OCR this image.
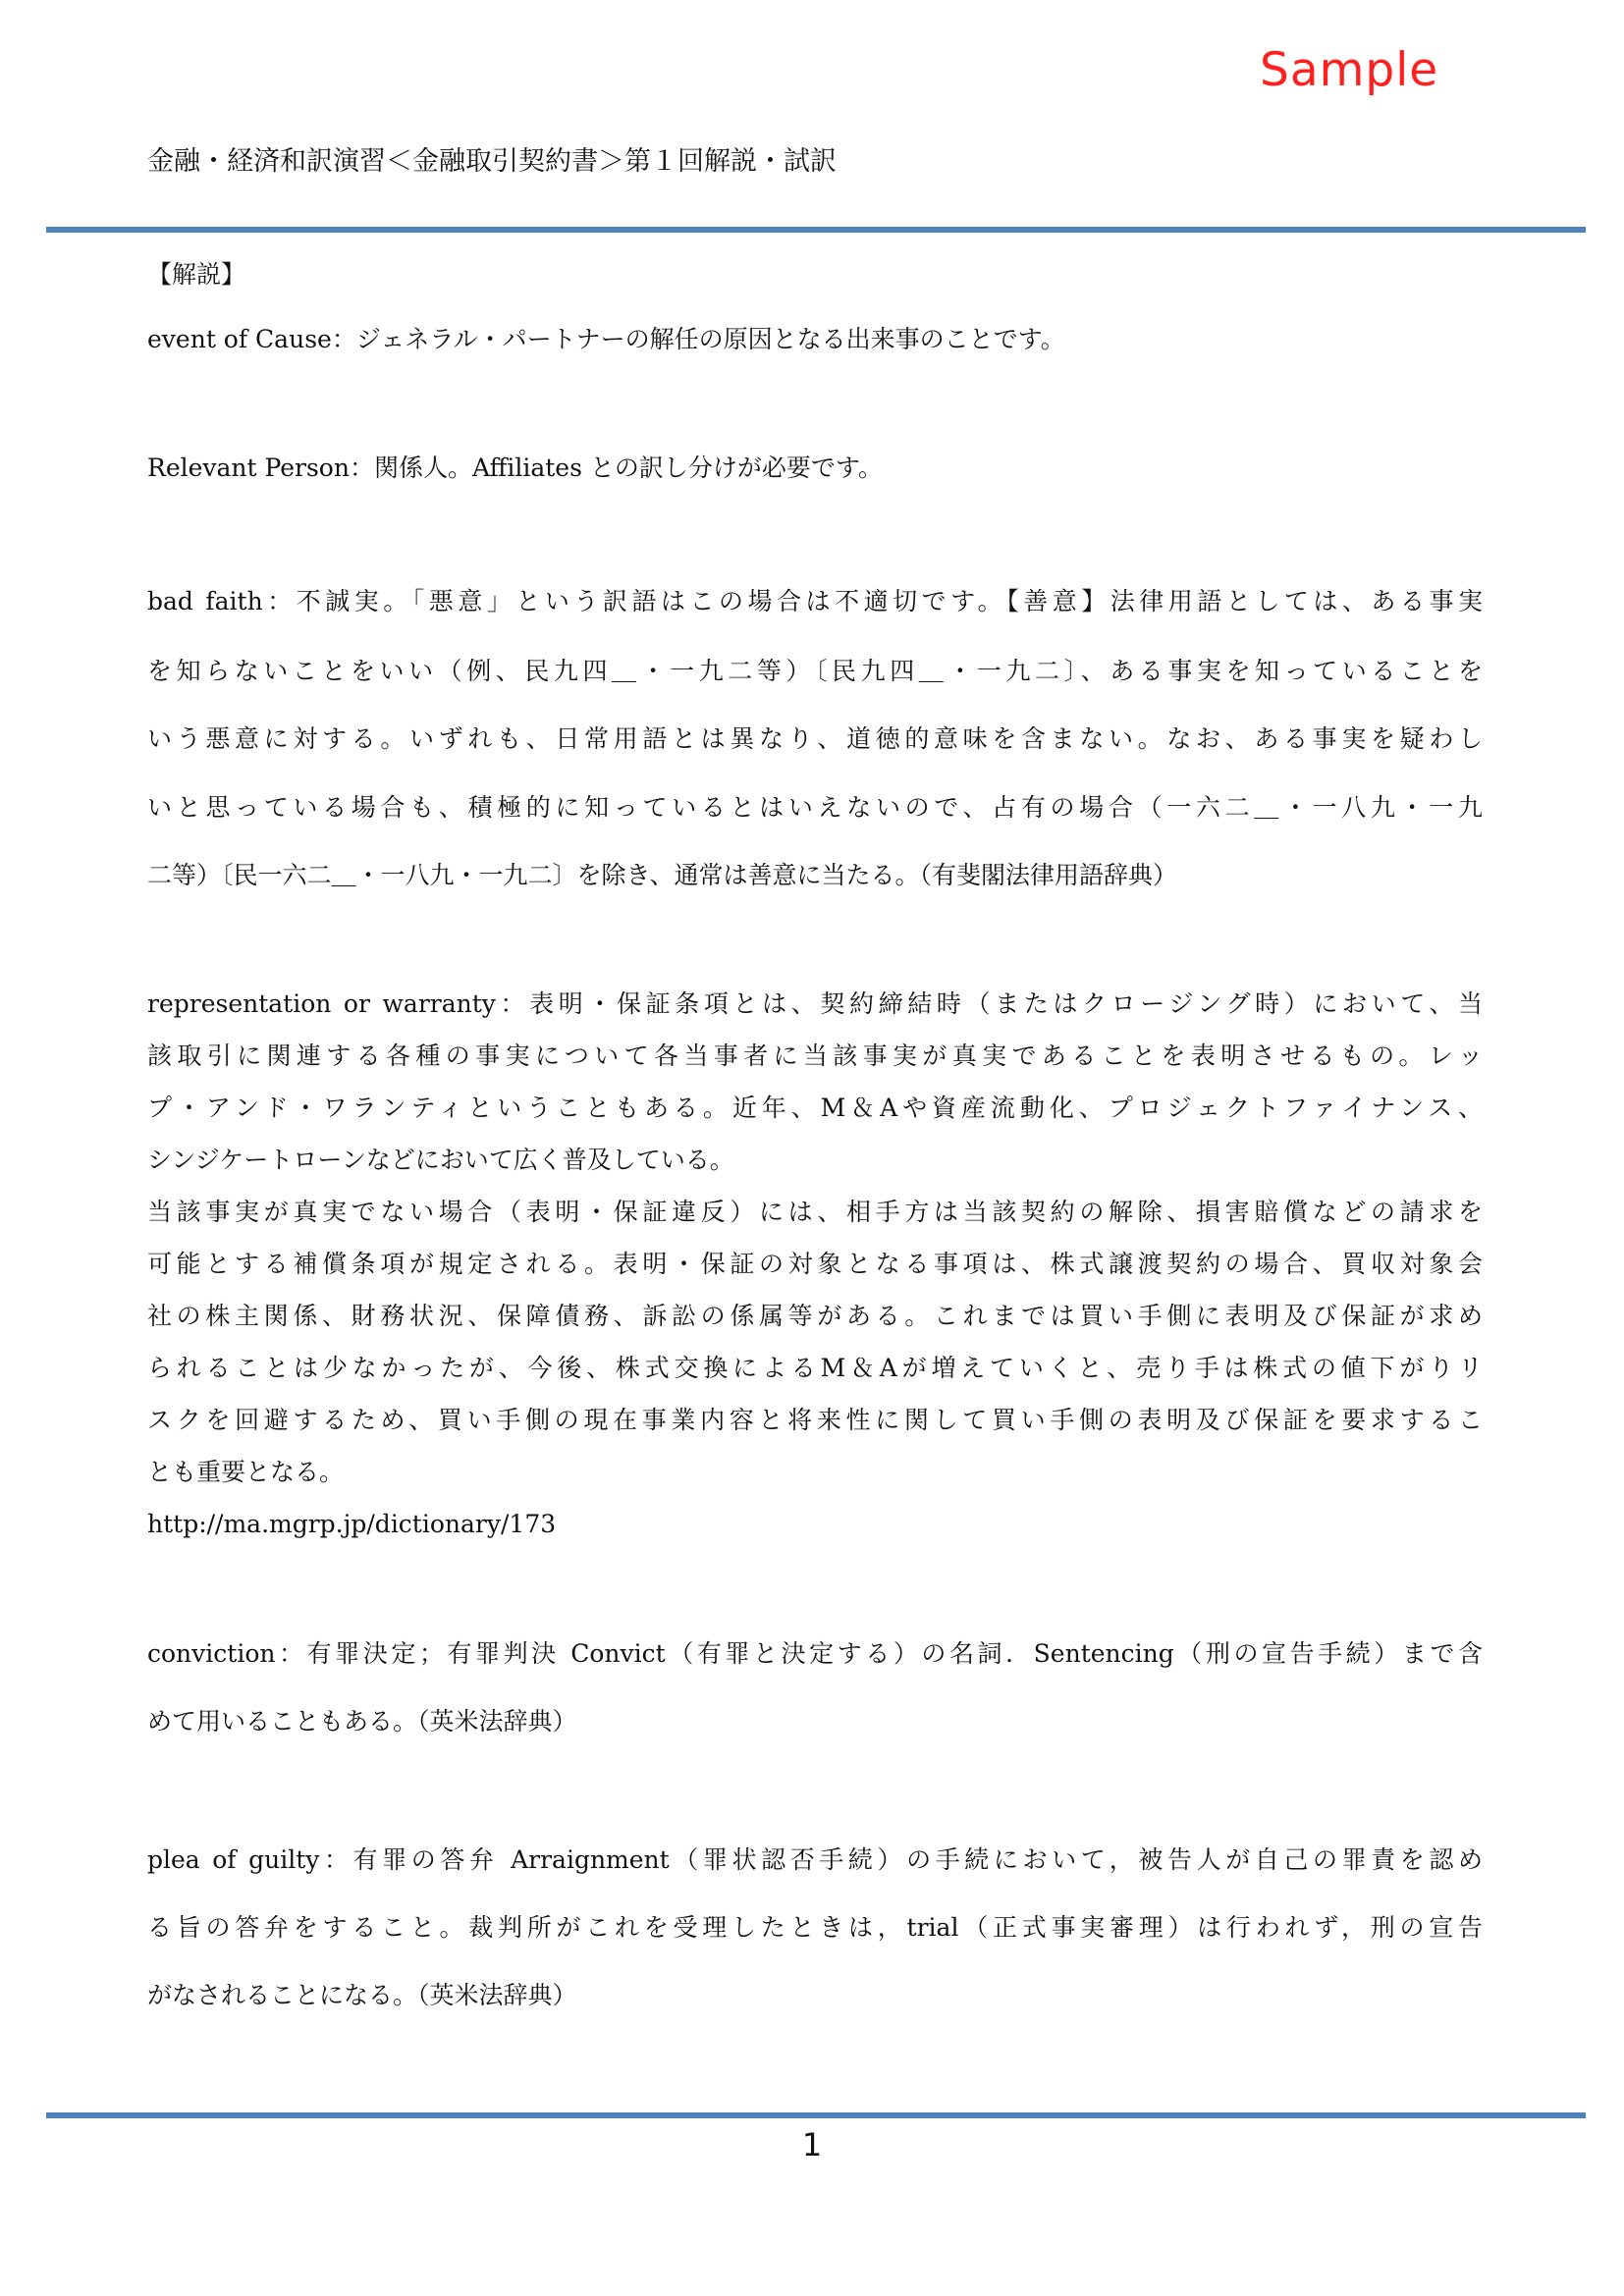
Sample
金融・経済和訳演習＜金融取引契約書＞第１回解説・試訳
【解説】
event of Cause：ジェネラル・パートナーの解任の原因となる出来事のことです。
Relevant Person：関係人。Affiliates との訳し分けが必要です。
bad faith：不誠実。「悪意」という訳語はこの場合は不適切です。【善意】法律用語としては、ある事実
を知らないことをいい（例、民九四＿・一九二等）〔民九四＿・一九二〕、ある事実を知っていることを
いう悪意に対する。いずれも、日常用語とは異なり、道徳的意味を含まない。なお、ある事実を疑わし
いと思っている場合も、積極的に知っているとはいえないので、占有の場合（一六二＿・一八九・一九
二等）〔民一六二＿・一八九・一九二〕を除き、通常は善意に当たる。（有斐閣法律用語辞典）
representation or warranty：表明・保証条項とは、契約締結時（またはクロージング時）において、当
該取引に関連する各種の事実について各当事者に当該事実が真実であることを表明させるもの。レッ
プ・アンド・ワランティということもある。近年、M＆Aや資産流動化、プロジェクトファイナンス、
シンジケートローンなどにおいて広く普及している。
当該事実が真実でない場合（表明・保証違反）には、相手方は当該契約の解除、損害賠償などの請求を
可能とする補償条項が規定される。表明・保証の対象となる事項は、株式譲渡契約の場合、買収対象会
社の株主関係、財務状況、保障債務、訴訟の係属等がある。これまでは買い手側に表明及び保証が求め
られることは少なかったが、今後、株式交換によるM＆Aが増えていくと、売り手は株式の値下がりリ
スクを回避するため、買い手側の現在事業内容と将来性に関して買い手側の表明及び保証を要求するこ
とも重要となる。
http://ma.mgrp.jp/dictionary/173
conviction：有罪決定；有罪判決 Convict（有罪と決定する）の名詞．Sentencing（刑の宣告手続）まで含
めて用いることもある。（英米法辞典）
plea of guilty：有罪の答弁 Arraignment（罪状認否手続）の手続において，被告人が自己の罪責を認め
る旨の答弁をすること。裁判所がこれを受理したときは，trial（正式事実審理）は行われず，刑の宣告
がなされることになる。（英米法辞典）
1
